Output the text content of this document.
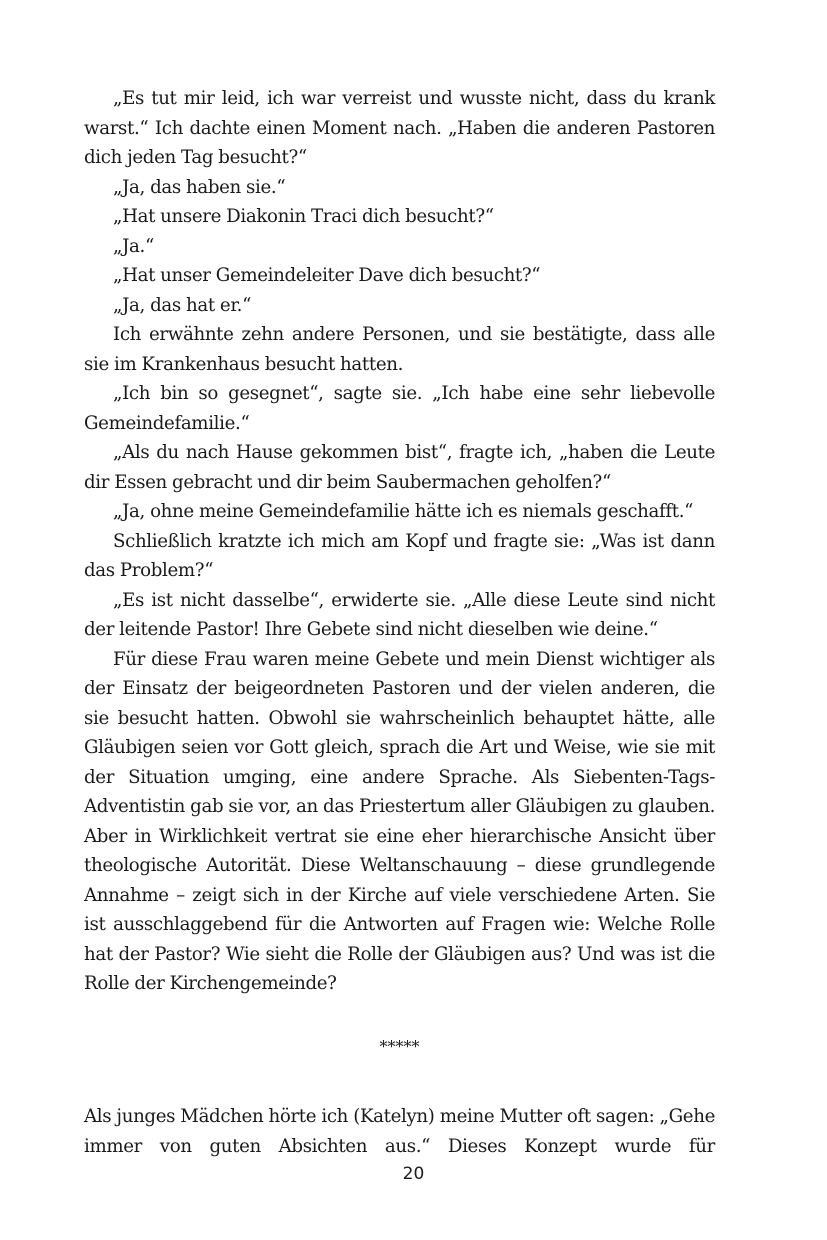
„Es tut mir leid, ich war verreist und wusste nicht, dass du krank warst.“ Ich dachte einen Moment nach. „Haben die anderen Pastoren dich jeden Tag besucht?“

„Ja, das haben sie.“

„Hat unsere Diakonin Traci dich besucht?“

„Ja.“

„Hat unser Gemeindeleiter Dave dich besucht?“

„Ja, das hat er.“

Ich erwähnte zehn andere Personen, und sie bestätigte, dass alle sie im Krankenhaus besucht hatten.

„Ich bin so gesegnet“, sagte sie. „Ich habe eine sehr liebevolle Gemeindefamilie.“

„Als du nach Hause gekommen bist“, fragte ich, „haben die Leute dir Essen gebracht und dir beim Saubermachen geholfen?“

„Ja, ohne meine Gemeindefamilie hätte ich es niemals geschafft.“

Schließlich kratzte ich mich am Kopf und fragte sie: „Was ist dann das Problem?“

„Es ist nicht dasselbe“, erwiderte sie. „Alle diese Leute sind nicht der leitende Pastor! Ihre Gebete sind nicht dieselben wie deine.“

Für diese Frau waren meine Gebete und mein Dienst wichtiger als der Einsatz der beigeordneten Pastoren und der vielen anderen, die sie besucht hatten. Obwohl sie wahrscheinlich behauptet hätte, alle Gläubigen seien vor Gott gleich, sprach die Art und Weise, wie sie mit der Situation umging, eine andere Sprache. Als Siebenten-Tags-Adventistin gab sie vor, an das Priestertum aller Gläubigen zu glauben. Aber in Wirklichkeit vertrat sie eine eher hierarchische Ansicht über theologische Autorität. Diese Weltanschauung – diese grundlegende Annahme – zeigt sich in der Kirche auf viele verschiedene Arten. Sie ist ausschlaggebend für die Antworten auf Fragen wie: Welche Rolle hat der Pastor? Wie sieht die Rolle der Gläubigen aus? Und was ist die Rolle der Kirchengemeinde?

*****

Als junges Mädchen hörte ich (Katelyn) meine Mutter oft sagen: „Gehe immer von guten Absichten aus.“ Dieses Konzept wurde für

20
